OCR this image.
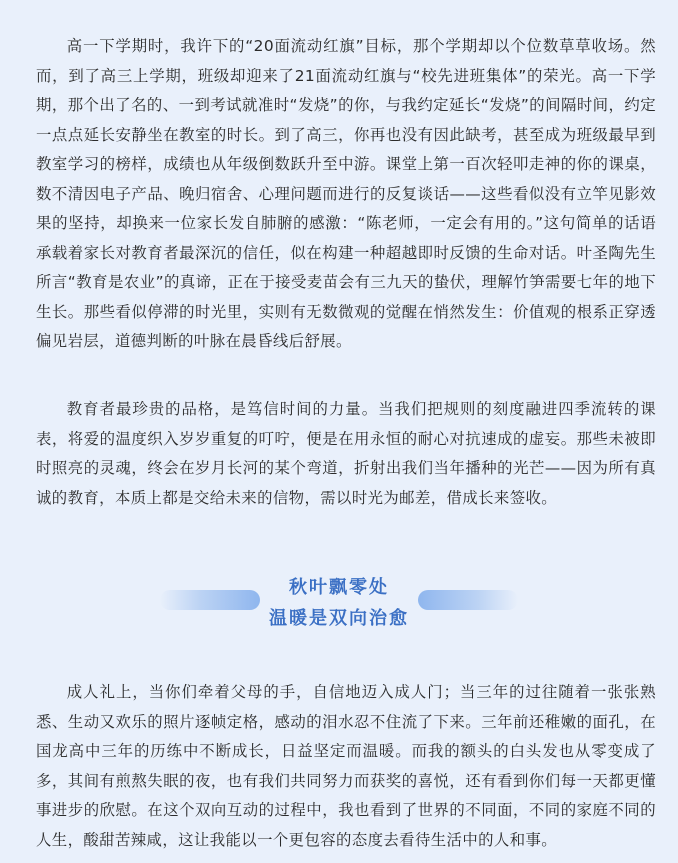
高一下学期时，我许下的“20面流动红旗”目标，那个学期却以个位数草草收场。然而，到了高三上学期，班级却迎来了21面流动红旗与“校先进班集体”的荣光。高一下学期，那个出了名的、一到考试就准时“发烧”的你，与我约定延长“发烧”的间隔时间，约定一点点延长安静坐在教室的时长。到了高三，你再也没有因此缺考，甚至成为班级最早到教室学习的榜样，成绩也从年级倒数跃升至中游。课堂上第一百次轻叩走神的你的课桌，数不清因电子产品、晚归宿舍、心理问题而进行的反复谈话——这些看似没有立竿见影效果的坚持，却换来一位家长发自肺腑的感激：“陈老师，一定会有用的。”这句简单的话语承载着家长对教育者最深沉的信任，似在构建一种超越即时反馈的生命对话。叶圣陶先生所言“教育是农业”的真谛，正在于接受麦苗会有三九天的蛰伏，理解竹笋需要七年的地下生长。那些看似停滞的时光里，实则有无数微观的觉醒在悄然发生：价值观的根系正穿透偏见岩层，道德判断的叶脉在晨昏线后舒展。

教育者最珍贵的品格，是笃信时间的力量。当我们把规则的刻度融进四季流转的课表，将爱的温度织入岁岁重复的叮咛，便是在用永恒的耐心对抗速成的虚妄。那些未被即时照亮的灵魂，终会在岁月长河的某个弯道，折射出我们当年播种的光芒——因为所有真诚的教育，本质上都是交给未来的信物，需以时光为邮差，借成长来签收。

秋叶飘零处
温暖是双向治愈

成人礼上，当你们牵着父母的手，自信地迈入成人门；当三年的过往随着一张张熟悉、生动又欢乐的照片逐帧定格，感动的泪水忍不住流了下来。三年前还稚嫩的面孔，在国龙高中三年的历练中不断成长，日益坚定而温暖。而我的额头的白头发也从零变成了多，其间有煎熬失眠的夜，也有我们共同努力而获奖的喜悦，还有看到你们每一天都更懂事进步的欣慰。在这个双向互动的过程中，我也看到了世界的不同面，不同的家庭不同的人生，酸甜苦辣咸，这让我能以一个更包容的态度去看待生活中的人和事。
